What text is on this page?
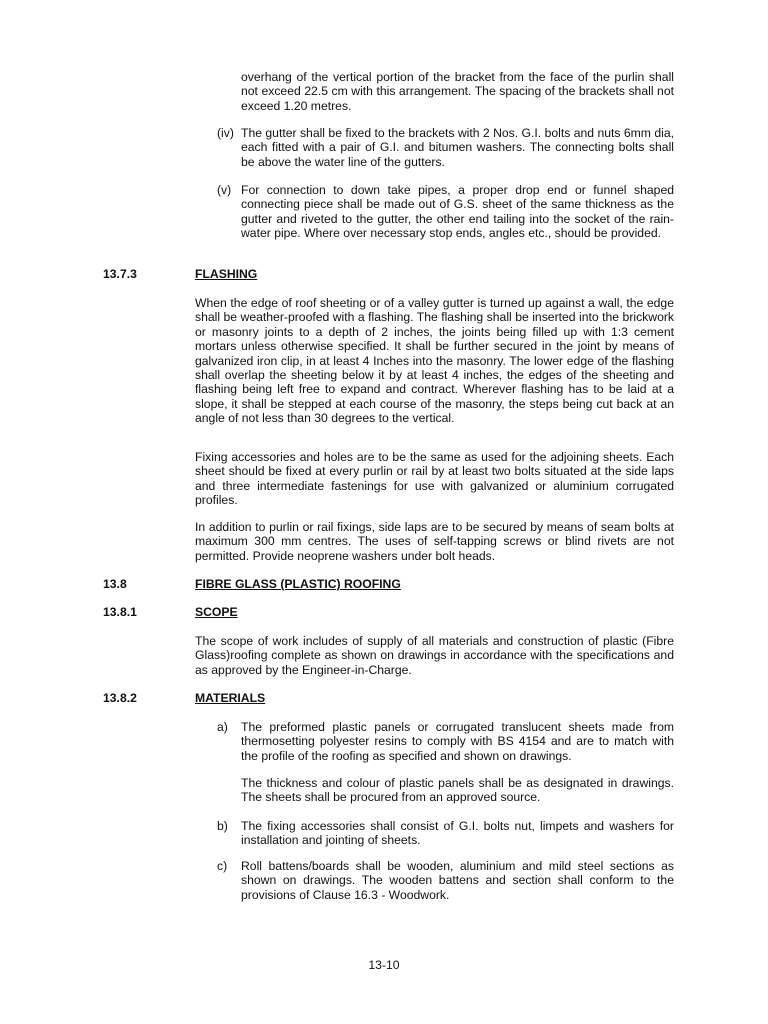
overhang of the vertical portion of the bracket from the face of the purlin shall not exceed 22.5 cm with this arrangement. The spacing of the brackets shall not exceed 1.20 metres.
(iv) The gutter shall be fixed to the brackets with 2 Nos. G.I. bolts and nuts 6mm dia, each fitted with a pair of G.I. and bitumen washers. The connecting bolts shall be above the water line of the gutters.
(v) For connection to down take pipes, a proper drop end or funnel shaped connecting piece shall be made out of G.S. sheet of the same thickness as the gutter and riveted to the gutter, the other end tailing into the socket of the rain-water pipe. Where over necessary stop ends, angles etc., should be provided.
13.7.3	FLASHING
When the edge of roof sheeting or of a valley gutter is turned up against a wall, the edge shall be weather-proofed with a flashing. The flashing shall be inserted into the brickwork or masonry joints to a depth of 2 inches, the joints being filled up with 1:3 cement mortars unless otherwise specified. It shall be further secured in the joint by means of galvanized iron clip, in at least 4 Inches into the masonry. The lower edge of the flashing shall overlap the sheeting below it by at least 4 inches, the edges of the sheeting and flashing being left free to expand and contract. Wherever flashing has to be laid at a slope, it shall be stepped at each course of the masonry, the steps being cut back at an angle of not less than 30 degrees to the vertical.
Fixing accessories and holes are to be the same as used for the adjoining sheets. Each sheet should be fixed at every purlin or rail by at least two bolts situated at the side laps and three intermediate fastenings for use with galvanized or aluminium corrugated profiles.
In addition to purlin or rail fixings, side laps are to be secured by means of seam bolts at maximum 300 mm centres. The uses of self-tapping screws or blind rivets are not permitted. Provide neoprene washers under bolt heads.
13.8	FIBRE GLASS (PLASTIC) ROOFING
13.8.1	SCOPE
The scope of work includes of supply of all materials and construction of plastic (Fibre Glass)roofing complete as shown on drawings in accordance with the specifications and as approved by the Engineer-in-Charge.
13.8.2	MATERIALS
a) The preformed plastic panels or corrugated translucent sheets made from thermosetting polyester resins to comply with BS 4154 and are to match with the profile of the roofing as specified and shown on drawings.
The thickness and colour of plastic panels shall be as designated in drawings. The sheets shall be procured from an approved source.
b) The fixing accessories shall consist of G.I. bolts nut, limpets and washers for installation and jointing of sheets.
c) Roll battens/boards shall be wooden, aluminium and mild steel sections as shown on drawings. The wooden battens and section shall conform to the provisions of Clause 16.3 - Woodwork.
13-10
